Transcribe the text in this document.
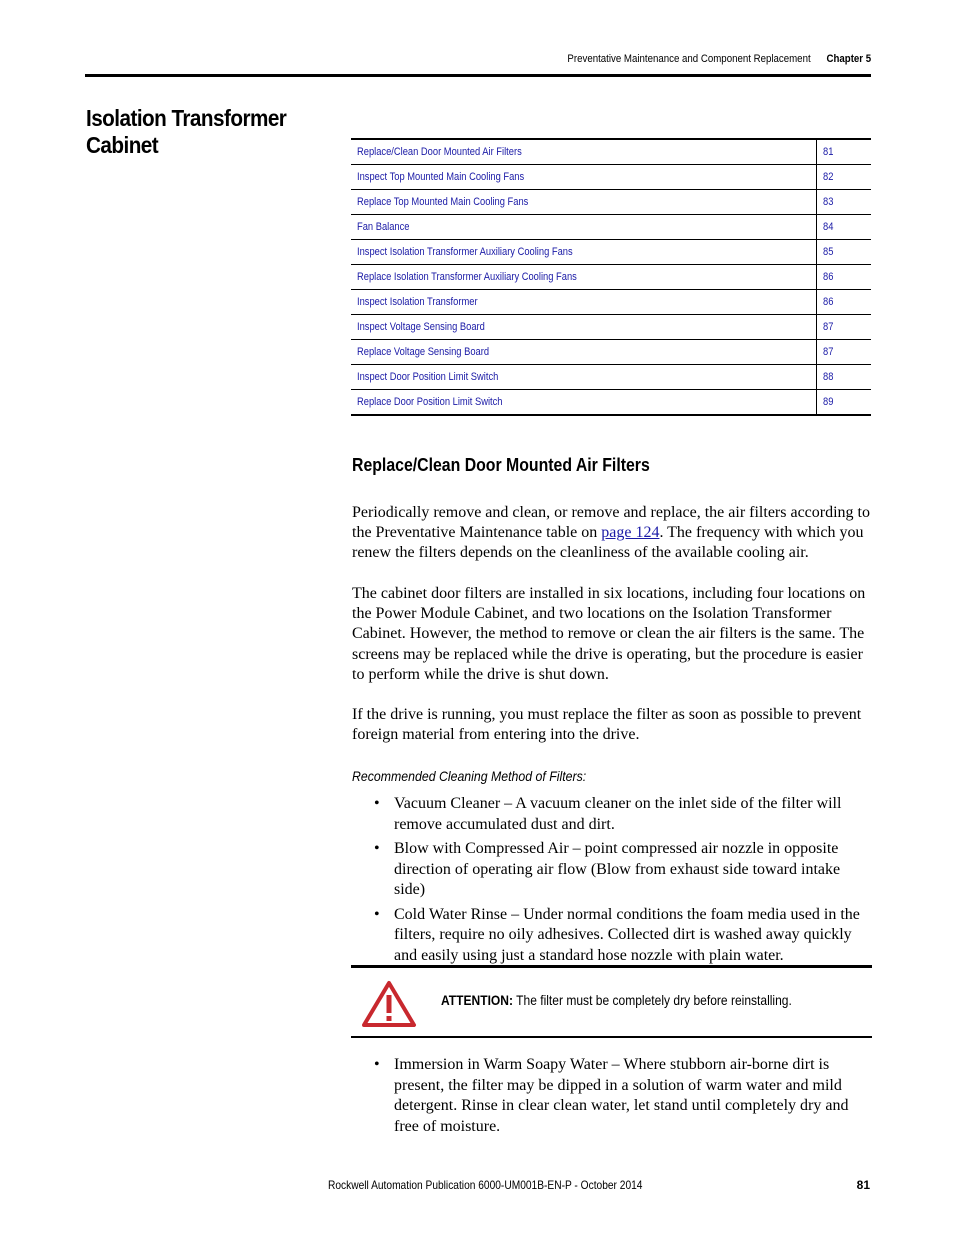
Preventative Maintenance and Component Replacement Chapter 5
Isolation Transformer Cabinet	Replace/Clean Door Mounted Air Filters	81
Inspect Top Mounted Main Cooling Fans	82
Replace Top Mounted Main Cooling Fans	83
Fan Balance	84
Inspect Isolation Transformer Auxiliary Cooling Fans	85
Replace Isolation Transformer Auxiliary Cooling Fans	86
Inspect Isolation Transformer	86
Inspect Voltage Sensing Board	87
Replace Voltage Sensing Board	87
Inspect Door Position Limit Switch	88
Replace Door Position Limit Switch	89
Replace/Clean Door Mounted Air Filters

Periodically remove and clean, or remove and replace, the air filters according to the Preventative Maintenance table on page 124. The frequency with which you renew the filters depends on the cleanliness of the available cooling air.

The cabinet door filters are installed in six locations, including four locations on the Power Module Cabinet, and two locations on the Isolation Transformer Cabinet. However, the method to remove or clean the air filters is the same. The screens may be replaced while the drive is operating, but the procedure is easier to perform while the drive is shut down.

If the drive is running, you must replace the filter as soon as possible to prevent foreign material from entering into the drive.

Recommended Cleaning Method of Filters:
• Vacuum Cleaner – A vacuum cleaner on the inlet side of the filter will remove accumulated dust and dirt.
• Blow with Compressed Air – point compressed air nozzle in opposite direction of operating air flow (Blow from exhaust side toward intake side)
• Cold Water Rinse – Under normal conditions the foam media used in the filters, require no oily adhesives. Collected dirt is washed away quickly and easily using just a standard hose nozzle with plain water.
ATTENTION: The filter must be completely dry before reinstalling.
• Immersion in Warm Soapy Water – Where stubborn air-borne dirt is present, the filter may be dipped in a solution of warm water and mild detergent. Rinse in clear clean water, let stand until completely dry and free of moisture.
Rockwell Automation Publication 6000-UM001B-EN-P - October 2014	81
